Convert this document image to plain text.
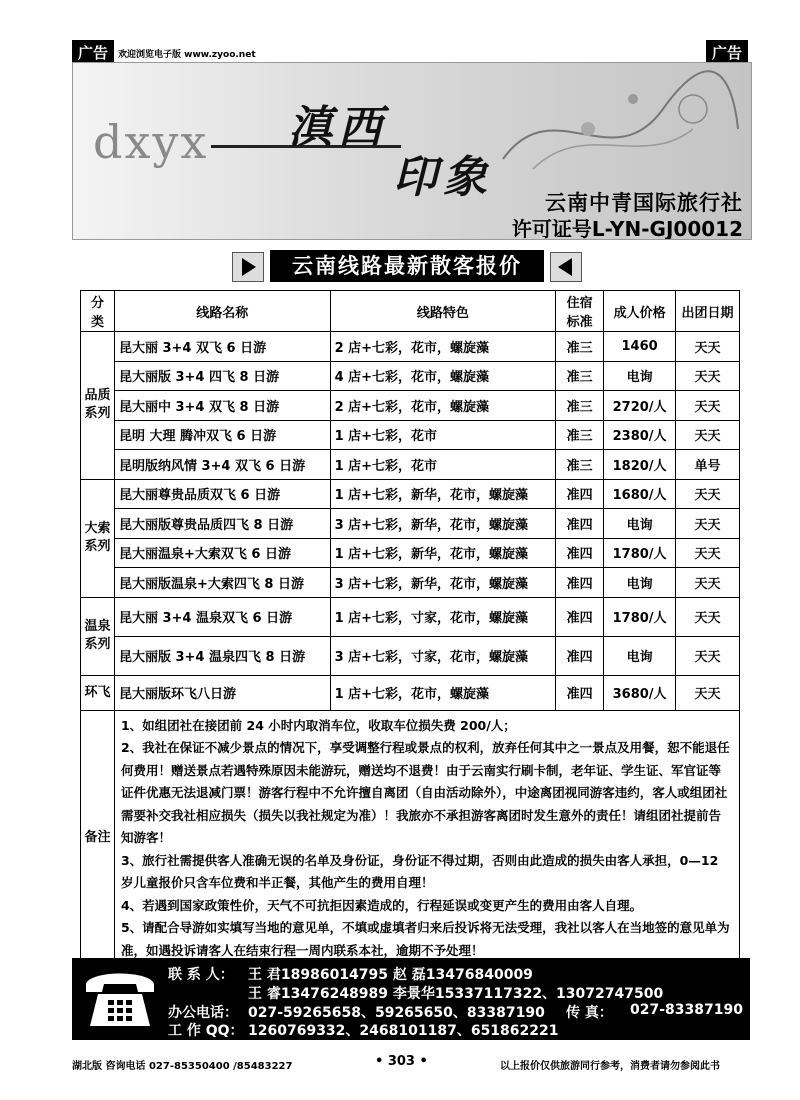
广告	欢迎浏览电子版 www.zyoo.net	广告
dxyx 滇西
印象 云南中青国际旅行社
许可证号L-YN-GJ00012
云南线路最新散客报价
分类	线路名称	线路特色	住宿标准	成人价格	出团日期
品质系列	昆大丽 3+4 双飞 6 日游	2 店+七彩，花市，螺旋藻	准三	1460	天天
	昆大丽版 3+4 四飞 8 日游	4 店+七彩，花市，螺旋藻	准三	电询	天天
	昆大丽中 3+4 双飞 8 日游	2 店+七彩，花市，螺旋藻	准三	2720/人	天天
	昆明 大理 腾冲双飞 6 日游	1 店+七彩，花市	准三	2380/人	天天
	昆明版纳风情 3+4 双飞 6 日游	1 店+七彩，花市	准三	1820/人	单号
大索系列	昆大丽尊贵品质双飞 6 日游	1 店+七彩，新华，花市，螺旋藻	准四	1680/人	天天
	昆大丽版尊贵品质四飞 8 日游	3 店+七彩，新华，花市，螺旋藻	准四	电询	天天
	昆大丽温泉+大索双飞 6 日游	1 店+七彩，新华，花市，螺旋藻	准四	1780/人	天天
	昆大丽版温泉+大索四飞 8 日游	3 店+七彩，新华，花市，螺旋藻	准四	电询	天天
温泉系列	昆大丽 3+4 温泉双飞 6 日游	1 店+七彩，寸家，花市，螺旋藻	准四	1780/人	天天
	昆大丽版 3+4 温泉四飞 8 日游	3 店+七彩，寸家，花市，螺旋藻	准四	电询	天天
环飞	昆大丽版环飞八日游	1 店+七彩，花市，螺旋藻	准四	3680/人	天天
备注	1、如组团社在接团前 24 小时内取消车位，收取车位损失费 200/人；

2、我社在保证不减少景点的情况下，享受调整行程或景点的权利，放弃任何其中之一景点及用餐，恕不能退任何费用！赠送景点若遇特殊原因未能游玩，赠送均不退费！由于云南实行刷卡制，老年证、学生证、军官证等证件优惠无法退减门票！游客行程中不允许擅自离团（自由活动除外），中途离团视同游客违约，客人或组团社需要补交我社相应损失（损失以我社规定为准）！我旅亦不承担游客离团时发生意外的责任！请组团社提前告知游客！

3、旅行社需提供客人准确无误的名单及身份证，身份证不得过期，否则由此造成的损失由客人承担，0—12 岁儿童报价只含车位费和半正餐，其他产生的费用自理！

4、若遇到国家政策性价，天气不可抗拒因素造成的，行程延误或变更产生的费用由客人自理。

5、请配合导游如实填写当地的意见单，不填或虚填者归来后投诉将无法受理，我社以客人在当地签的意见单为准，如遇投诉请客人在结束行程一周内联系本社，逾期不予处理！				

联 系 人： 王 君18986014795 赵 磊13476840009
王 睿13476248989 李景华15337117322、13072747500
办公电话： 027-59265658、59265650、83387190 传 真： 027-83387190
工 作 QQ： 1260769332、2468101187、651862221
湖北版 咨询电话 027-85350400 /85483227	• 303 •	以上报价仅供旅游同行参考，消费者请勿参阅此书
